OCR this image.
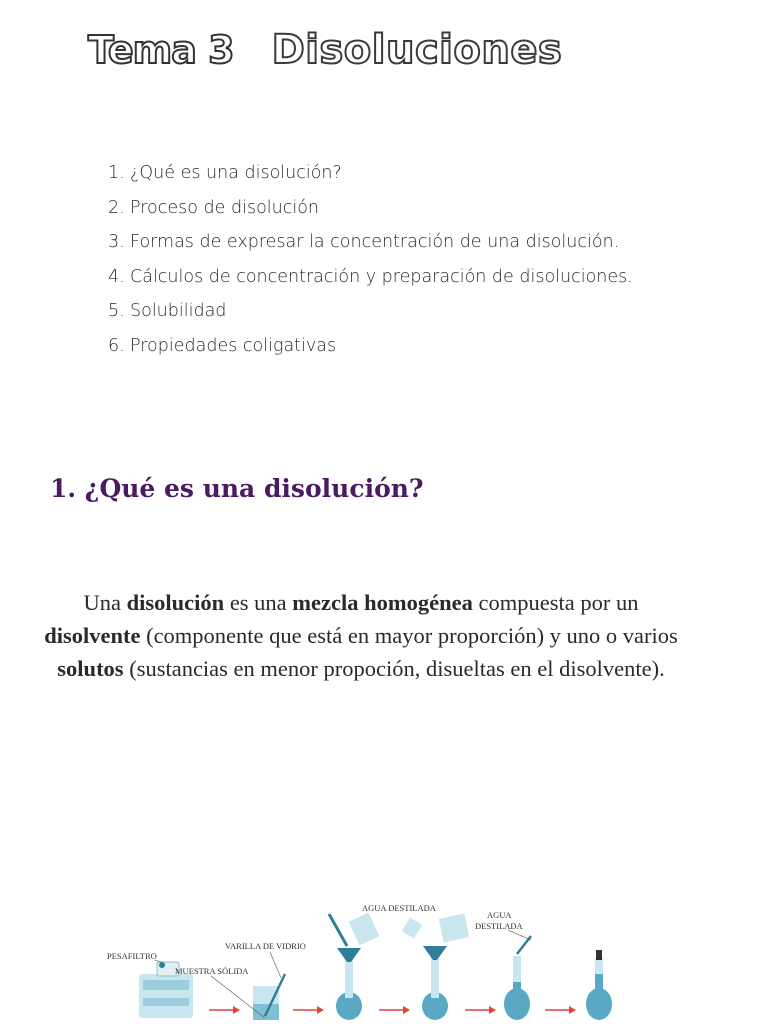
Tema 3 Disoluciones
1. ¿Qué es una disolución?
2. Proceso de disolución
3. Formas de expresar la concentración de una disolución.
4. Cálculos de concentración y preparación de disoluciones.
5. Solubilidad
6. Propiedades coligativas
1. ¿Qué es una disolución?
Una disolución es una mezcla homogénea compuesta por un disolvente (componente que está en mayor proporción) y uno o varios solutos (sustancias en menor propoción, disueltas en el disolvente).
PESAFILTRO
MUESTRA SÓLIDA
VARILLA DE VIDRIO
AGUA DESTILADA
AGUA
DESTILADA
